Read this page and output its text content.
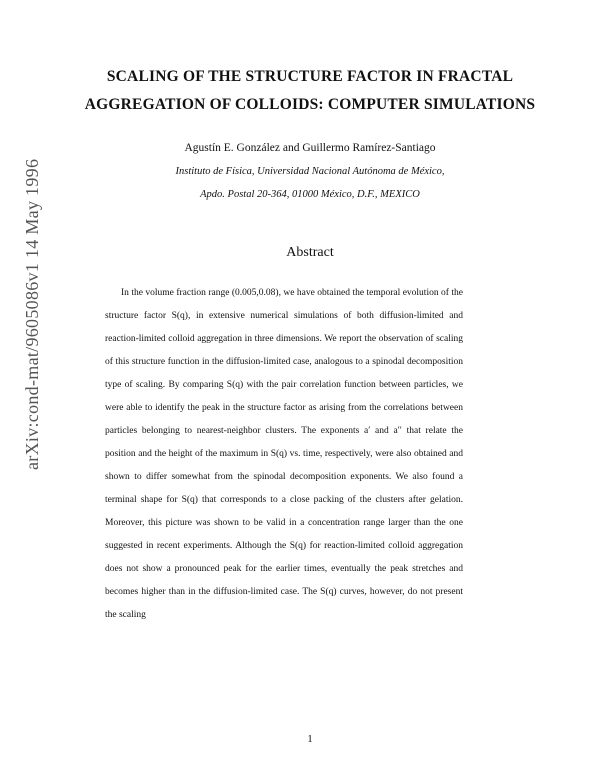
arXiv:cond-mat/9605086v1 14 May 1996
SCALING OF THE STRUCTURE FACTOR IN FRACTAL
AGGREGATION OF COLLOIDS: COMPUTER SIMULATIONS
Agustín E. González and Guillermo Ramírez-Santiago
Instituto de Física, Universidad Nacional Autónoma de México,
Apdo. Postal 20-364, 01000 México, D.F., MEXICO
Abstract
In the volume fraction range (0.005,0.08), we have obtained the temporal evolution of the structure factor S(q), in extensive numerical simulations of both diffusion-limited and reaction-limited colloid aggregation in three dimensions. We report the observation of scaling of this structure function in the diffusion-limited case, analogous to a spinodal decomposition type of scaling. By comparing S(q) with the pair correlation function between particles, we were able to identify the peak in the structure factor as arising from the correlations between particles belonging to nearest-neighbor clusters. The exponents a′ and a′′ that relate the position and the height of the maximum in S(q) vs. time, respectively, were also obtained and shown to differ somewhat from the spinodal decomposition exponents. We also found a terminal shape for S(q) that corresponds to a close packing of the clusters after gelation. Moreover, this picture was shown to be valid in a concentration range larger than the one suggested in recent experiments. Although the S(q) for reaction-limited colloid aggregation does not show a pronounced peak for the earlier times, eventually the peak stretches and becomes higher than in the diffusion-limited case. The S(q) curves, however, do not present the scaling
1
